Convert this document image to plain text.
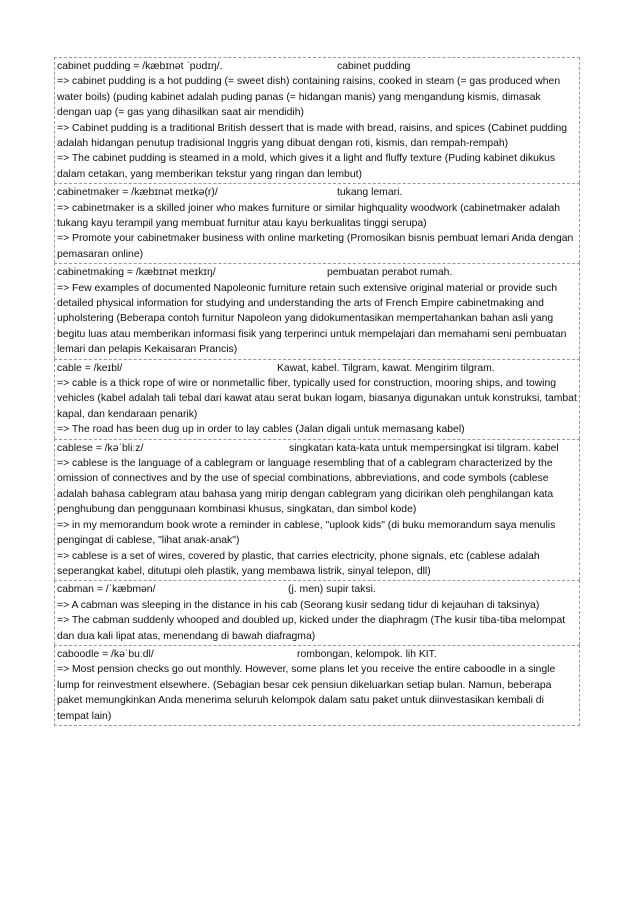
cabinet pudding = /kæbɪnət ˈpʊdɪŋ/.	cabinet pudding
=> cabinet pudding is a hot pudding (= sweet dish) containing raisins, cooked in steam (= gas produced when water boils) (puding kabinet adalah puding panas (= hidangan manis) yang mengandung kismis, dimasak dengan uap (= gas yang dihasilkan saat air mendidih)
=> Cabinet pudding is a traditional British dessert that is made with bread, raisins, and spices (Cabinet pudding adalah hidangan penutup tradisional Inggris yang dibuat dengan roti, kismis, dan rempah-rempah)
=> The cabinet pudding is steamed in a mold, which gives it a light and fluffy texture (Puding kabinet dikukus dalam cetakan, yang memberikan tekstur yang ringan dan lembut)
cabinetmaker = /kæbɪnət meɪkə(r)/	tukang lemari.
=> cabinetmaker is a skilled joiner who makes furniture or similar highquality woodwork (cabinetmaker adalah tukang kayu terampil yang membuat furnitur atau kayu berkualitas tinggi serupa)
=> Promote your cabinetmaker business with online marketing (Promosikan bisnis pembuat lemari Anda dengan pemasaran online)
cabinetmaking = /kæbɪnət meɪkɪŋ/	pembuatan perabot rumah.
=> Few examples of documented Napoleonic furniture retain such extensive original material or provide such detailed physical information for studying and understanding the arts of French Empire cabinetmaking and upholstering (Beberapa contoh furnitur Napoleon yang didokumentasikan mempertahankan bahan asli yang begitu luas atau memberikan informasi fisik yang terperinci untuk mempelajari dan memahami seni pembuatan lemari dan pelapis Kekaisaran Prancis)
cable = /keɪbl/	Kawat, kabel. Tilgram, kawat. Mengirim tilgram.
=> cable is a thick rope of wire or nonmetallic fiber, typically used for construction, mooring ships, and towing vehicles (kabel adalah tali tebal dari kawat atau serat bukan logam, biasanya digunakan untuk konstruksi, tambat kapal, dan kendaraan penarik)
=> The road has been dug up in order to lay cables (Jalan digali untuk memasang kabel)
cablese = /kəˈbliːz/	singkatan kata-kata untuk mempersingkat isi tilgram. kabel
=> cablese is the language of a cablegram or language resembling that of a cablegram characterized by the omission of connectives and by the use of special combinations, abbreviations, and code symbols (cablese adalah bahasa cablegram atau bahasa yang mirip dengan cablegram yang dicirikan oleh penghilangan kata penghubung dan penggunaan kombinasi khusus, singkatan, dan simbol kode)
=> in my memorandum book wrote a reminder in cablese, "uplook kids" (di buku memorandum saya menulis pengingat di cablese, "lihat anak-anak")
=> cablese is a set of wires, covered by plastic, that carries electricity, phone signals, etc (cablese adalah seperangkat kabel, ditutupi oleh plastik, yang membawa listrik, sinyal telepon, dll)
cabman = /ˈkæbmən/	(j. men) supir taksi.
=> A cabman was sleeping in the distance in his cab (Seorang kusir sedang tidur di kejauhan di taksinya)
=> The cabman suddenly whooped and doubled up, kicked under the diaphragm (The kusir tiba-tiba melompat dan dua kali lipat atas, menendang di bawah diafragma)
caboodle = /kəˈbuːdl/	rombongan, kelompok. lih KIT.
=> Most pension checks go out monthly. However, some plans let you receive the entire caboodle in a single lump for reinvestment elsewhere. (Sebagian besar cek pensiun dikeluarkan setiap bulan. Namun, beberapa paket memungkinkan Anda menerima seluruh kelompok dalam satu paket untuk diinvestasikan kembali di tempat lain)
